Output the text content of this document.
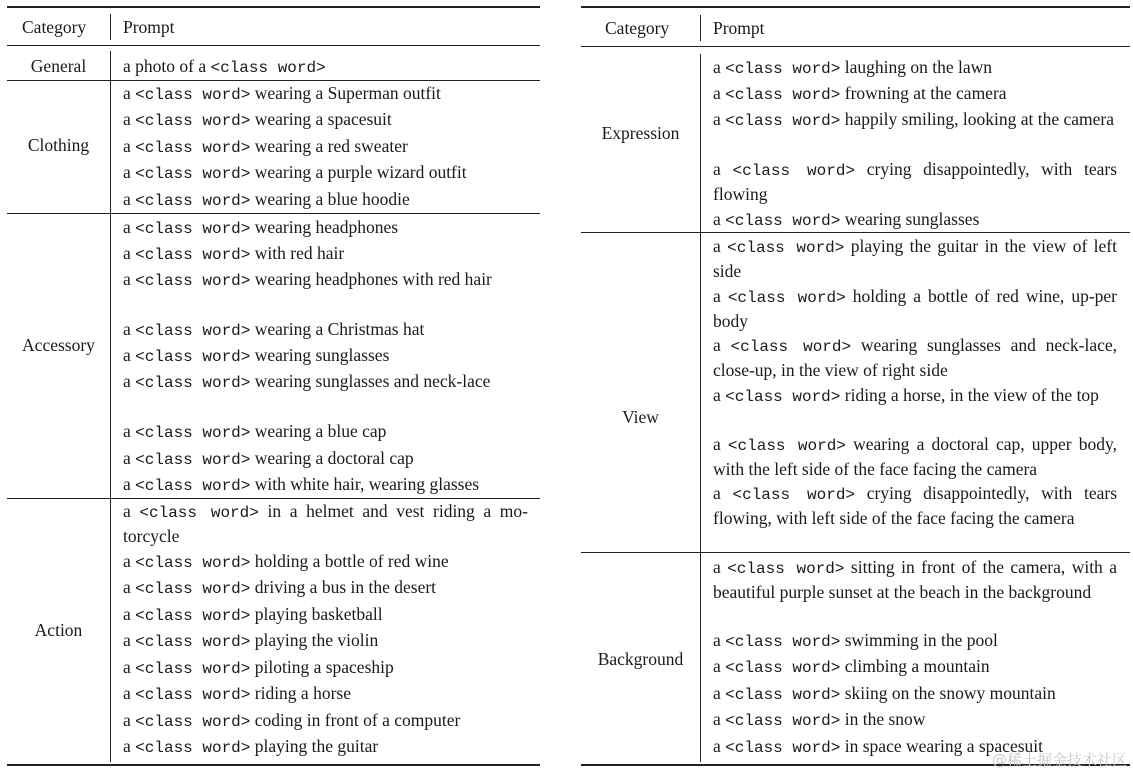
Category Prompt
General
Clothing
Accessory
Action
a photo of a <class word>
a <class word> wearing a Superman outfit
a <class word> wearing a spacesuit
a <class word> wearing a red sweater
a <class word> wearing a purple wizard outfit
a <class word> wearing a blue hoodie
a <class word> wearing headphones
a <class word> with red hair
a <class word> wearing headphones with red hair
a <class word> wearing a Christmas hat
a <class word> wearing sunglasses
a <class word> wearing sunglasses and neck-lace
a <class word> wearing a blue cap
a <class word> wearing a doctoral cap
a <class word> with white hair, wearing glasses
a <class word> in a helmet and vest riding a mo-torcycle
a <class word> holding a bottle of red wine
a <class word> driving a bus in the desert
a <class word> playing basketball
a <class word> playing the violin
a <class word> piloting a spaceship
a <class word> riding a horse
a <class word> coding in front of a computer
a <class word> playing the guitar
Category	Prompt
Expression
View
Background
a <class word> laughing on the lawn
a <class word> frowning at the camera
a <class word> happily smiling, looking at the camera
a <class word> crying disappointedly, with tears flowing
a <class word> wearing sunglasses
a <class word> playing the guitar in the view of left side
a <class word> holding a bottle of red wine, up-per body
a <class word> wearing sunglasses and neck-lace, close-up, in the view of right side
a <class word> riding a horse, in the view of the top
a <class word> wearing a doctoral cap, upper body, with the left side of the face facing the camera
a <class word> crying disappointedly, with tears flowing, with left side of the face facing the camera
a <class word> sitting in front of the camera, with a beautiful purple sunset at the beach in the background
a <class word> swimming in the pool
a <class word> climbing a mountain
a <class word> skiing on the snowy mountain
a <class word> in the snow
a <class word> in space wearing a spacesuit
@稀土掘金技术社区
